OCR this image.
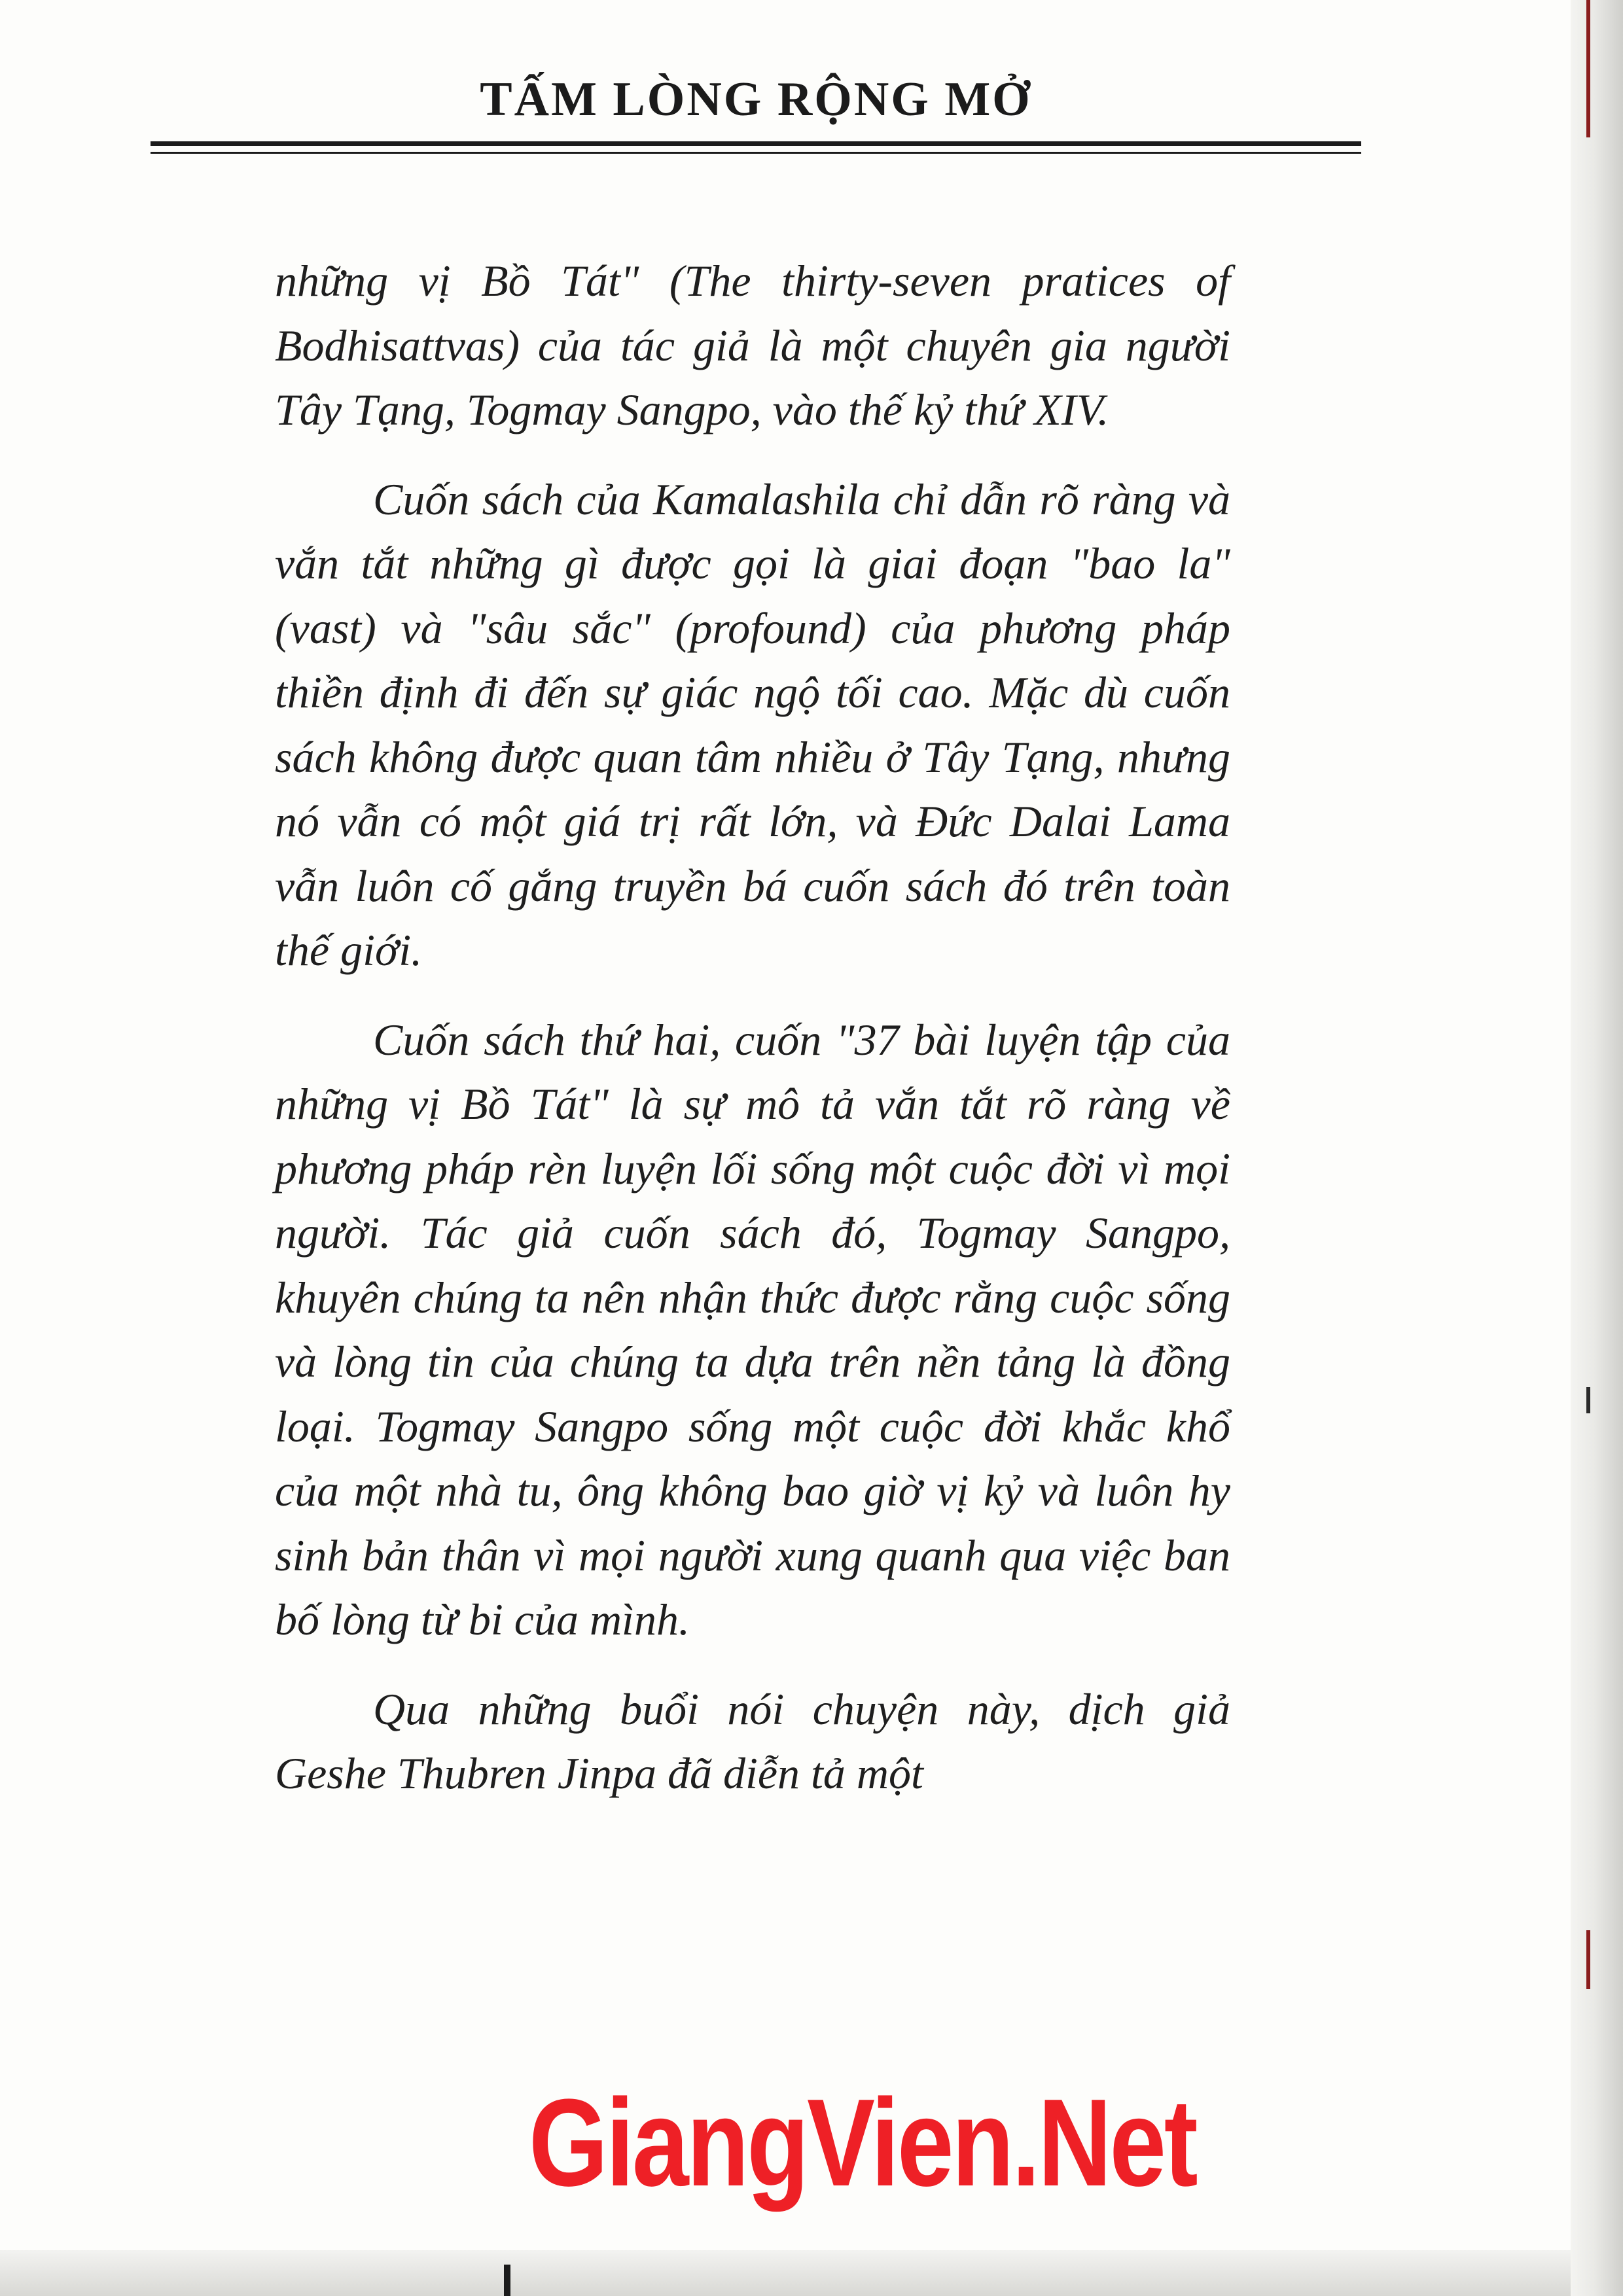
TẤM LÒNG RỘNG MỞ

những vị Bồ Tát" (The thirty-seven pratices of Bodhisattvas) của tác giả là một chuyên gia người Tây Tạng, Togmay Sangpo, vào thế kỷ thứ XIV.

Cuốn sách của Kamalashila chỉ dẫn rõ ràng và vắn tắt những gì được gọi là giai đoạn "bao la" (vast) và "sâu sắc" (profound) của phương pháp thiền định đi đến sự giác ngộ tối cao. Mặc dù cuốn sách không được quan tâm nhiều ở Tây Tạng, nhưng nó vẫn có một giá trị rất lớn, và Đức Dalai Lama vẫn luôn cố gắng truyền bá cuốn sách đó trên toàn thế giới.

Cuốn sách thứ hai, cuốn "37 bài luyện tập của những vị Bồ Tát" là sự mô tả vắn tắt rõ ràng về phương pháp rèn luyện lối sống một cuộc đời vì mọi người. Tác giả cuốn sách đó, Togmay Sangpo, khuyên chúng ta nên nhận thức được rằng cuộc sống và lòng tin của chúng ta dựa trên nền tảng là đồng loại. Togmay Sangpo sống một cuộc đời khắc khổ của một nhà tu, ông không bao giờ vị kỷ và luôn hy sinh bản thân vì mọi người xung quanh qua việc ban bố lòng từ bi của mình.

Qua những buổi nói chuyện này, dịch giả Geshe Thubren Jinpa đã diễn tả một

GiangVien.Net
